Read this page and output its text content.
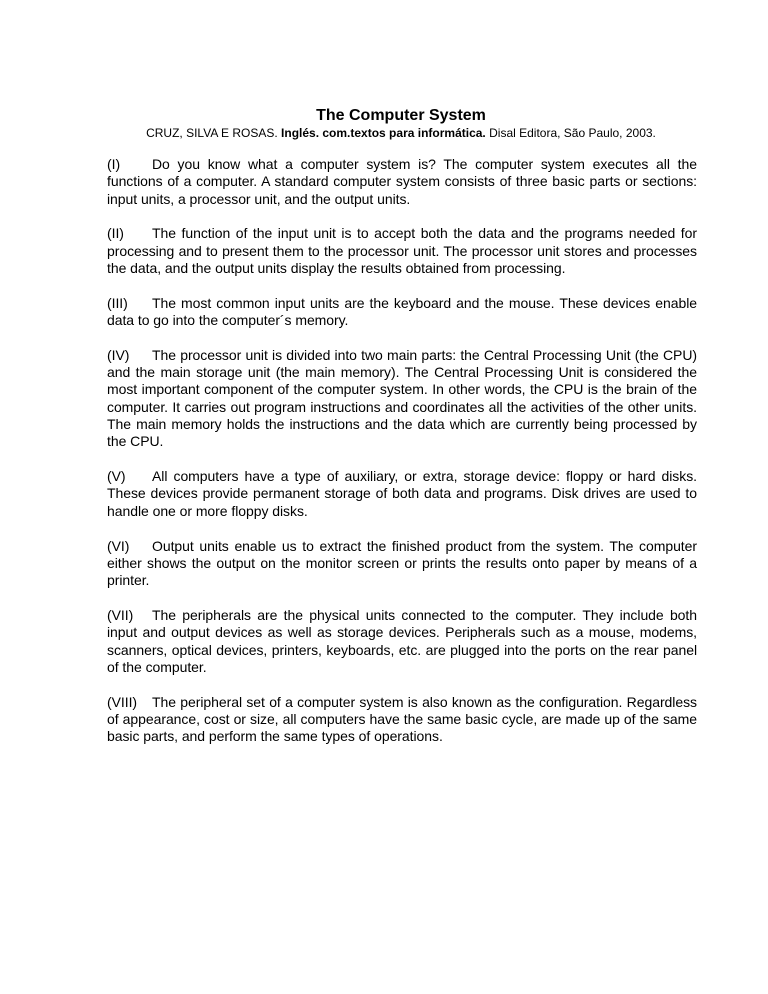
The Computer System

CRUZ, SILVA E ROSAS. Inglés. com.textos para informática. Disal Editora, São Paulo, 2003.

(I) Do you know what a computer system is? The computer system executes all the functions of a computer. A standard computer system consists of three basic parts or sections: input units, a processor unit, and the output units.

(II) The function of the input unit is to accept both the data and the programs needed for processing and to present them to the processor unit. The processor unit stores and processes the data, and the output units display the results obtained from processing.

(III) The most common input units are the keyboard and the mouse. These devices enable data to go into the computer´s memory.

(IV) The processor unit is divided into two main parts: the Central Processing Unit (the CPU) and the main storage unit (the main memory). The Central Processing Unit is considered the most important component of the computer system. In other words, the CPU is the brain of the computer. It carries out program instructions and coordinates all the activities of the other units. The main memory holds the instructions and the data which are currently being processed by the CPU.

(V) All computers have a type of auxiliary, or extra, storage device: floppy or hard disks. These devices provide permanent storage of both data and programs. Disk drives are used to handle one or more floppy disks.

(VI) Output units enable us to extract the finished product from the system. The computer either shows the output on the monitor screen or prints the results onto paper by means of a printer.

(VII) The peripherals are the physical units connected to the computer. They include both input and output devices as well as storage devices. Peripherals such as a mouse, modems, scanners, optical devices, printers, keyboards, etc. are plugged into the ports on the rear panel of the computer.

(VIII) The peripheral set of a computer system is also known as the configuration. Regardless of appearance, cost or size, all computers have the same basic cycle, are made up of the same basic parts, and perform the same types of operations.
